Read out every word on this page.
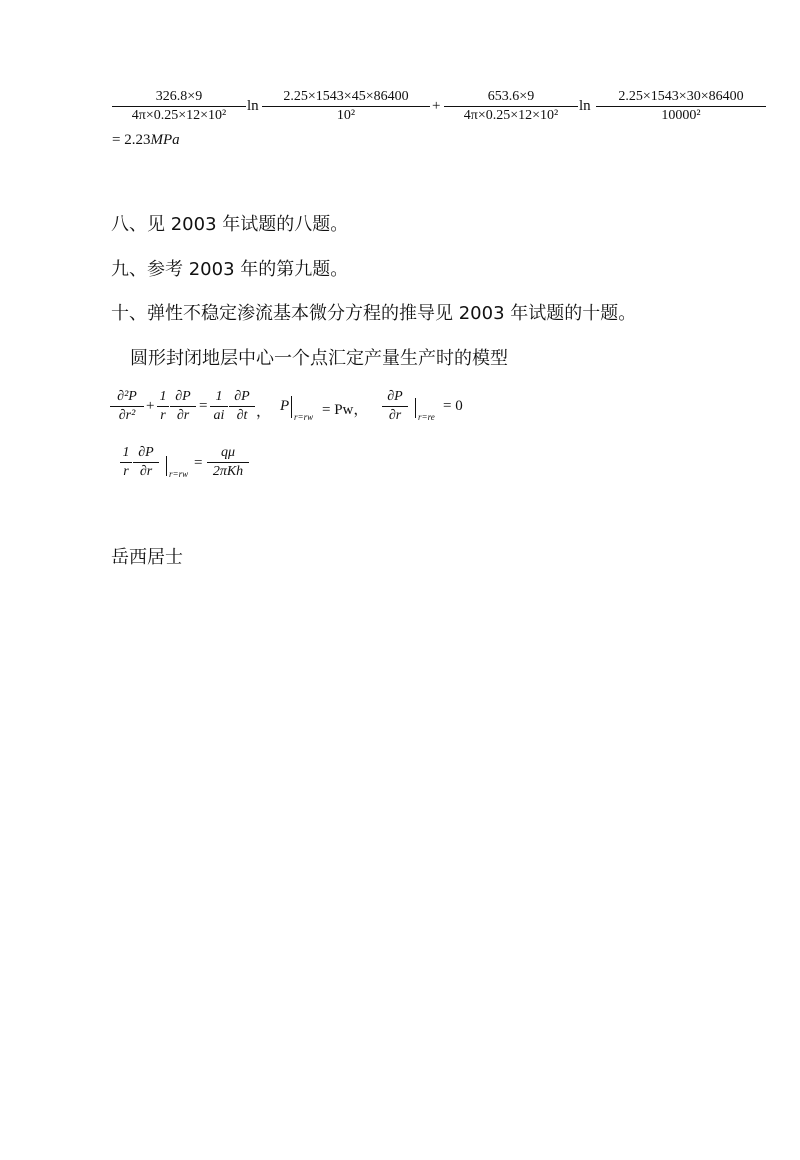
326.8×9
4π×0.25×12×10²
ln
2.25×1543×45×86400
10²
+
653.6×9
4π×0.25×12×10²
ln
2.25×1543×30×86400
10000²
= 2.23MPa
八、见 2003 年试题的八题。
九、参考 2003 年的第九题。
十、弹性不稳定渗流基本微分方程的推导见 2003 年试题的十题。
圆形封闭地层中心一个点汇定产量生产时的模型
∂²P
∂r²
+
1
r
∂P
∂r
=
1
ai
∂P
∂t ， P
r=rw = Pw，
∂P
∂r	r=re
= 0
1
r
∂P
∂r	r=rw
=
qμ
2πKh
岳西居士
